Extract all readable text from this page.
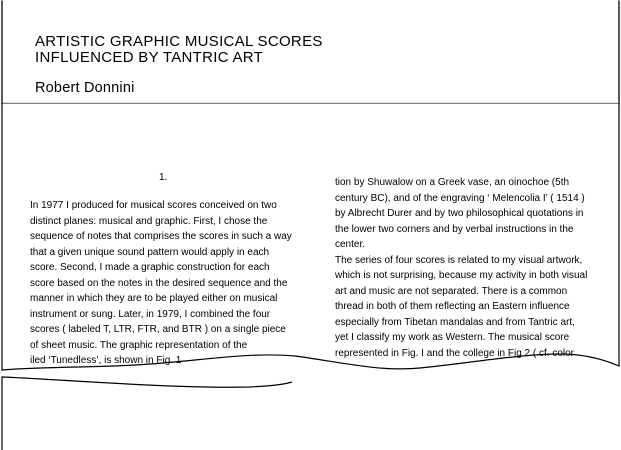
ARTISTIC GRAPHIC MUSICAL SCORES
INFLUENCED BY TANTRIC ART
Robert Donnini
1.
In 1977 I produced for musical scores conceived on two
distinct planes: musical and graphic. First, I chose the
sequence of notes that comprises the scores in such a way
that a given unique sound pattern would apply in each
score. Second, I made a graphic construction for each
score based on the notes in the desired sequence and the
manner in which they are to be played either on musical
instrument or sung. Later, in 1979, I combined the four
scores ( labeled T, LTR, FTR, and BTR ) on a single piece
of sheet music. The graphic representation of the
iled ‘Tunedless’, is shown in Fig. 1
tion by Shuwalow on a Greek vase, an oinochoe (5th
century BC), and of the engraving ‘ Melencolia I’ ( 1514 )
by Albrecht Durer and by two philosophical quotations in
the lower two corners and by verbal instructions in the
center.
The series of four scores is related to my visual artwork,
which is not surprising, because my activity in both visual
art and music are not separated. There is a common
thread in both of them reflecting an Eastern influence
especially from Tibetan mandalas and from Tantric art,
yet I classify my work as Western. The musical score
represented in Fig. I and the college in Fig 2 ( cf. color
